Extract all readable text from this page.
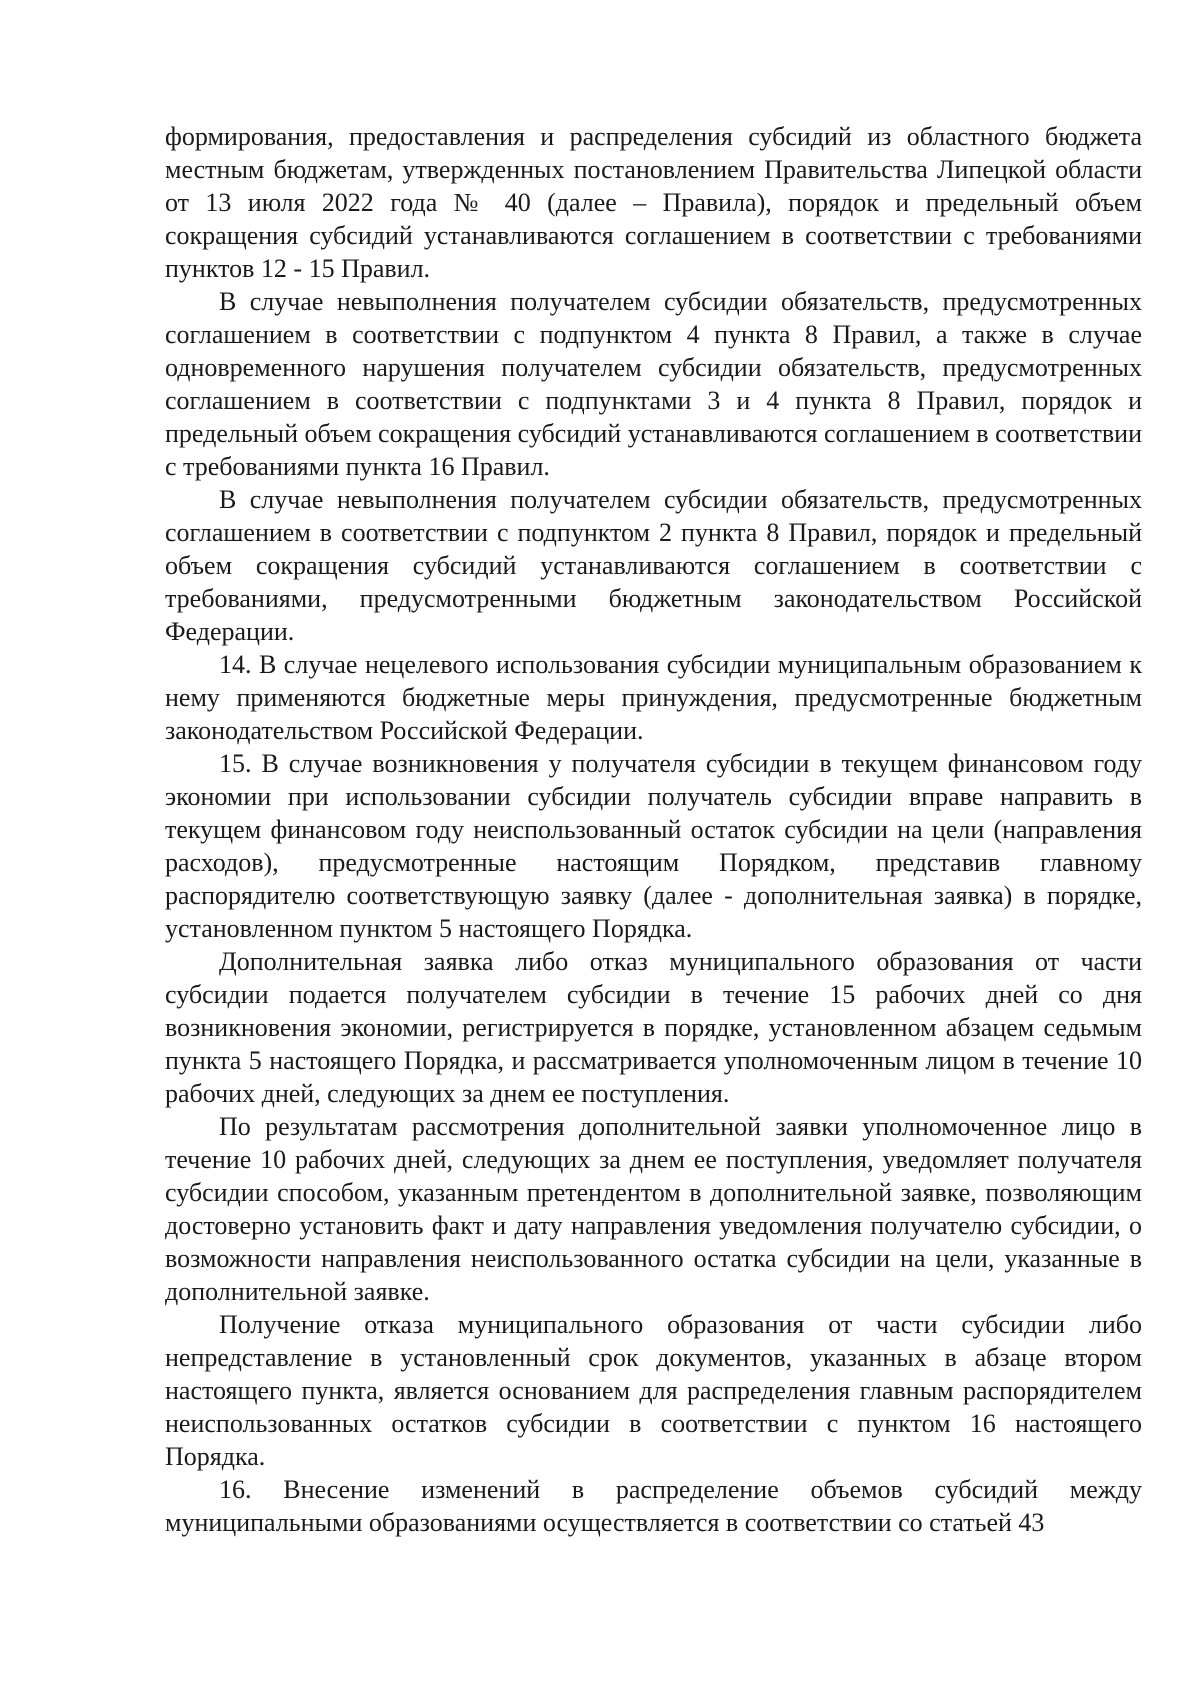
формирования, предоставления и распределения субсидий из областного бюджета местным бюджетам, утвержденных постановлением Правительства Липецкой области от 13 июля 2022 года № 40 (далее – Правила), порядок и предельный объем сокращения субсидий устанавливаются соглашением в соответствии с требованиями пунктов 12 - 15 Правил.

В случае невыполнения получателем субсидии обязательств, предусмотренных соглашением в соответствии с подпунктом 4 пункта 8 Правил, а также в случае одновременного нарушения получателем субсидии обязательств, предусмотренных соглашением в соответствии с подпунктами 3 и 4 пункта 8 Правил, порядок и предельный объем сокращения субсидий устанавливаются соглашением в соответствии с требованиями пункта 16 Правил.

В случае невыполнения получателем субсидии обязательств, предусмотренных соглашением в соответствии с подпунктом 2 пункта 8 Правил, порядок и предельный объем сокращения субсидий устанавливаются соглашением в соответствии с требованиями, предусмотренными бюджетным законодательством Российской Федерации.

14. В случае нецелевого использования субсидии муниципальным образованием к нему применяются бюджетные меры принуждения, предусмотренные бюджетным законодательством Российской Федерации.

15. В случае возникновения у получателя субсидии в текущем финансовом году экономии при использовании субсидии получатель субсидии вправе направить в текущем финансовом году неиспользованный остаток субсидии на цели (направления расходов), предусмотренные настоящим Порядком, представив главному распорядителю соответствующую заявку (далее - дополнительная заявка) в порядке, установленном пунктом 5 настоящего Порядка.

Дополнительная заявка либо отказ муниципального образования от части субсидии подается получателем субсидии в течение 15 рабочих дней со дня возникновения экономии, регистрируется в порядке, установленном абзацем седьмым пункта 5 настоящего Порядка, и рассматривается уполномоченным лицом в течение 10 рабочих дней, следующих за днем ее поступления.

По результатам рассмотрения дополнительной заявки уполномоченное лицо в течение 10 рабочих дней, следующих за днем ее поступления, уведомляет получателя субсидии способом, указанным претендентом в дополнительной заявке, позволяющим достоверно установить факт и дату направления уведомления получателю субсидии, о возможности направления неиспользованного остатка субсидии на цели, указанные в дополнительной заявке.

Получение отказа муниципального образования от части субсидии либо непредставление в установленный срок документов, указанных в абзаце втором настоящего пункта, является основанием для распределения главным распорядителем неиспользованных остатков субсидии в соответствии с пунктом 16 настоящего Порядка.

16. Внесение изменений в распределение объемов субсидий между муниципальными образованиями осуществляется в соответствии со статьей 43
